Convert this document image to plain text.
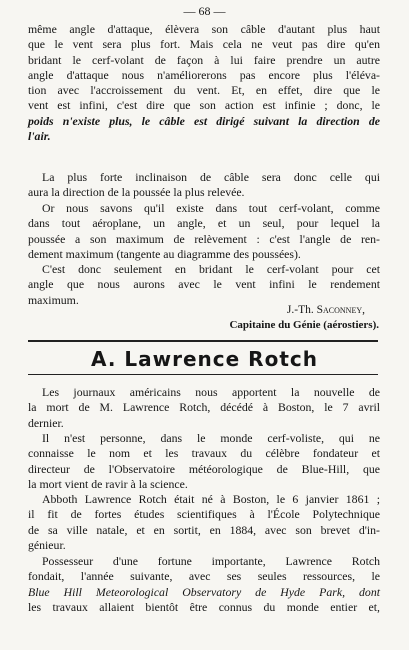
— 68 —
même angle d'attaque, élèvera son câble d'autant plus haut
que le vent sera plus fort. Mais cela ne veut pas dire qu'en
bridant le cerf-volant de façon à lui faire prendre un autre
angle d'attaque nous n'améliorerons pas encore plus l'éléva-
tion avec l'accroissement du vent. Et, en effet, dire que le
vent est infini, c'est dire que son action est infinie ; donc, le
poids n'existe plus, le câble est dirigé suivant la direction de
l'air.
La plus forte inclinaison de câble sera donc celle qui
aura la direction de la poussée la plus relevée.
Or nous savons qu'il existe dans tout cerf-volant, comme
dans tout aéroplane, un angle, et un seul, pour lequel la
poussée a son maximum de relèvement : c'est l'angle de ren-
dement maximum (tangente au diagramme des poussées).
C'est donc seulement en bridant le cerf-volant pour cet
angle que nous aurons avec le vent infini le rendement
maximum.
J.-Th. Saconney,
Capitaine du Génie (aérostiers).
A. Lawrence Rotch
Les journaux américains nous apportent la nouvelle de
la mort de M. Lawrence Rotch, décédé à Boston, le 7 avril
dernier.
Il n'est personne, dans le monde cerf-voliste, qui ne
connaisse le nom et les travaux du célèbre fondateur et
directeur de l'Observatoire météorologique de Blue-Hill, que
la mort vient de ravir à la science.
Abboth Lawrence Rotch était né à Boston, le 6 janvier 1861 ;
il fit de fortes études scientifiques à l'École Polytechnique
de sa ville natale, et en sortit, en 1884, avec son brevet d'in-
génieur.
Possesseur d'une fortune importante, Lawrence Rotch
fondait, l'année suivante, avec ses seules ressources, le
Blue Hill Meteorological Observatory de Hyde Park, dont
les travaux allaient bientôt être connus du monde entier et,
